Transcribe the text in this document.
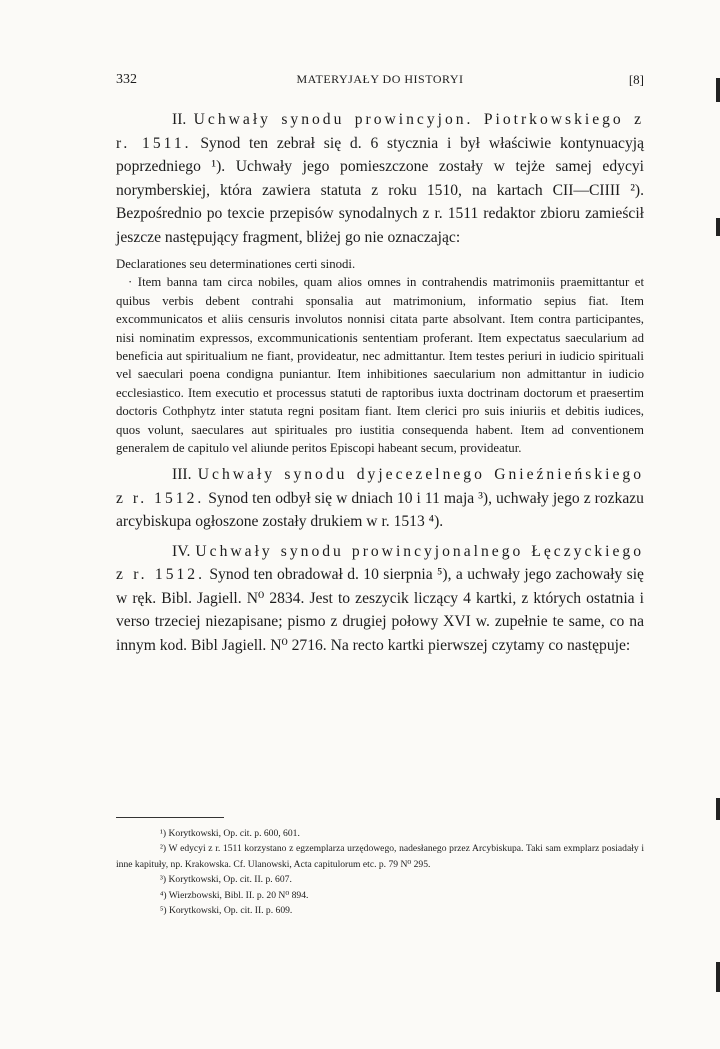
332	MATERYJAŁY DO HISTORYI	[8]

II. Uchwały synodu prowincyjon. Piotrkowskiego z r. 1511. Synod ten zebrał się d. 6 stycznia i był właściwie kontynuacyją poprzedniego ¹). Uchwały jego pomieszczone zostały w tejże samej edycyi norymberskiej, która zawiera statuta z roku 1510, na kartach CII—CIIII ²). Bezpośrednio po texcie przepisów synodalnych z r. 1511 redaktor zbioru zamieścił jeszcze następujący fragment, bliżej go nie oznaczając:

Declarationes seu determinationes certi sinodi.

· Item banna tam circa nobiles, quam alios omnes in contrahendis matrimoniis praemittantur et quibus verbis debent contrahi sponsalia aut matrimonium, informatio sepius fiat. Item excommunicatos et aliis censuris involutos nonnisi citata parte absolvant. Item contra participantes, nisi nominatim expressos, excommunicationis sententiam proferant. Item expectatus saecularium ad beneficia aut spiritualium ne fiant, provideatur, nec admittantur. Item testes periuri in iudicio spirituali vel saeculari poena condigna puniantur. Item inhibitiones saecularium non admittantur in iudicio ecclesiastico. Item executio et processus statuti de raptoribus iuxta doctrinam doctorum et praesertim doctoris Cothphytz inter statuta regni positam fiant. Item clerici pro suis iniuriis et debitis iudices, quos volunt, saeculares aut spirituales pro iustitia consequenda habent. Item ad conventionem generalem de capitulo vel aliunde peritos Episcopi habeant secum, provideatur.

III. Uchwały synodu dyjecezelnego Gnieźnieńskiego z r. 1512. Synod ten odbył się w dniach 10 i 11 maja ³), uchwały jego z rozkazu arcybiskupa ogłoszone zostały drukiem w r. 1513 ⁴).

IV. Uchwały synodu prowincyjonalnego Łęczyckiego z r. 1512. Synod ten obradował d. 10 sierpnia ⁵), a uchwały jego zachowały się w ręk. Bibl. Jagiell. N⁰ 2834. Jest to zeszycik liczący 4 kartki, z których ostatnia i verso trzeciej niezapisane; pismo z drugiej połowy XVI w. zupełnie te same, co na innym kod. Bibl Jagiell. N⁰ 2716. Na recto kartki pierwszej czytamy co następuje:

¹) Korytkowski, Op. cit. p. 600, 601.

²) W edycyi z r. 1511 korzystano z egzemplarza urzędowego, nadesłanego przez Arcybiskupa. Taki sam exmplarz posiadały i inne kapituły, np. Krakowska. Cf. Ulanowski, Acta capitulorum etc. p. 79 N⁰ 295.

³) Korytkowski, Op. cit. II. p. 607.

⁴) Wierzbowski, Bibl. II. p. 20 N⁰ 894.

⁵) Korytkowski, Op. cit. II. p. 609.
